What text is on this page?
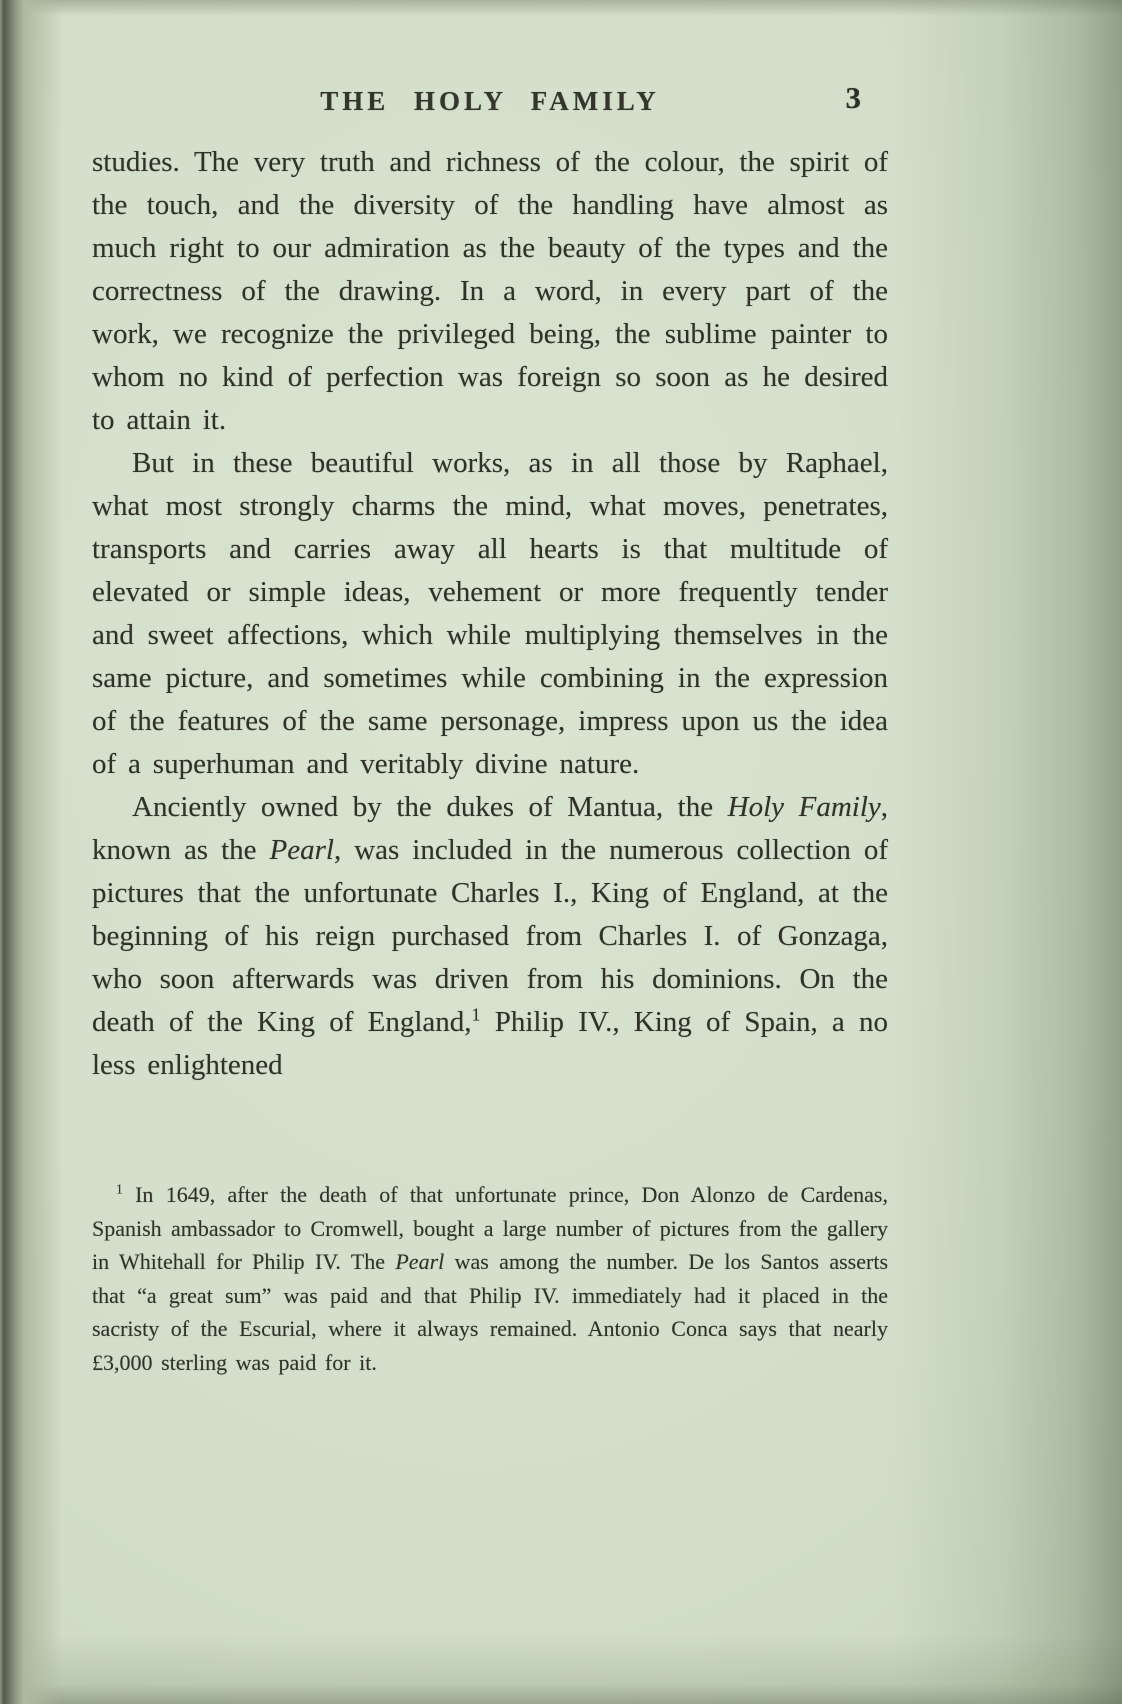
THE HOLY FAMILY	3

studies. The very truth and richness of the colour, the spirit of the touch, and the diversity of the handling have almost as much right to our admiration as the beauty of the types and the correctness of the drawing. In a word, in every part of the work, we recognize the privileged being, the sublime painter to whom no kind of perfection was foreign so soon as he desired to attain it.

But in these beautiful works, as in all those by Raphael, what most strongly charms the mind, what moves, penetrates, transports and carries away all hearts is that multitude of elevated or simple ideas, vehement or more frequently tender and sweet affections, which while multiplying themselves in the same picture, and sometimes while combining in the expression of the features of the same personage, impress upon us the idea of a superhuman and veritably divine nature.

Anciently owned by the dukes of Mantua, the Holy Family, known as the Pearl, was included in the numerous collection of pictures that the unfortunate Charles I., King of England, at the beginning of his reign purchased from Charles I. of Gonzaga, who soon afterwards was driven from his dominions. On the death of the King of England,$^1$ Philip IV., King of Spain, a no less enlightened

$^1$ In 1649, after the death of that unfortunate prince, Don Alonzo de Cardenas, Spanish ambassador to Cromwell, bought a large number of pictures from the gallery in Whitehall for Philip IV. The Pearl was among the number. De los Santos asserts that “a great sum” was paid and that Philip IV. immediately had it placed in the sacristy of the Escurial, where it always remained. Antonio Conca says that nearly £3,000 sterling was paid for it.
